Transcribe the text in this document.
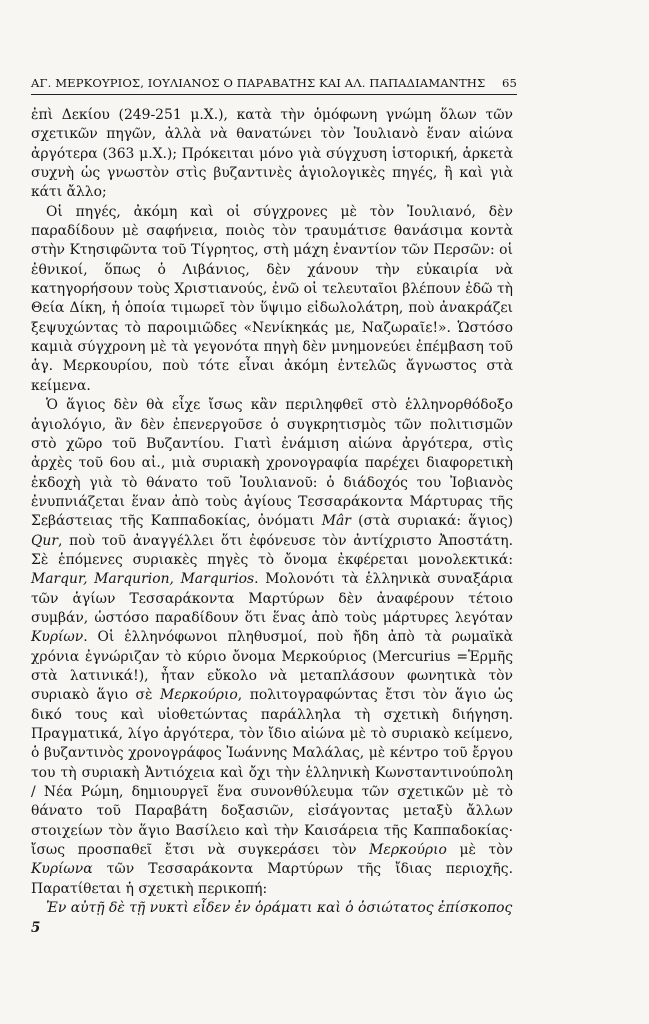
ΑΓ. ΜΕΡΚΟΥΡΙΟΣ, ΙΟΥΛΙΑΝΟΣ Ο ΠΑΡΑΒΑΤΗΣ ΚΑΙ ΑΛ. ΠΑΠΑΔΙΑΜΑΝΤΗΣ 65

ἐπὶ Δεκίου (249-251 μ.Χ.), κατὰ τὴν ὁμόφωνη γνώμη ὅλων τῶν σχετικῶν πηγῶν, ἀλλὰ νὰ θανατώνει τὸν Ἰουλιανὸ ἕναν αἰώνα ἀργότερα (363 μ.Χ.); Πρόκειται μόνο γιὰ σύγχυση ἱστορική, ἀρκετὰ συχνὴ ὡς γνωστὸν στὶς βυζαντινὲς ἁγιολογικὲς πηγές, ἢ καὶ γιὰ κάτι ἄλλο;

Οἱ πηγές, ἀκόμη καὶ οἱ σύγχρονες μὲ τὸν Ἰουλιανό, δὲν παραδίδουν μὲ σαφήνεια, ποιὸς τὸν τραυμάτισε θανάσιμα κοντὰ στὴν Κτησιφῶντα τοῦ Τίγρητος, στὴ μάχη ἐναντίον τῶν Περσῶν: οἱ ἐθνικοί, ὅπως ὁ Λιβάνιος, δὲν χάνουν τὴν εὐκαιρία νὰ κατηγορήσουν τοὺς Χριστιανούς, ἐνῶ οἱ τελευταῖοι βλέπουν ἐδῶ τὴ Θεία Δίκη, ἡ ὁποία τιμωρεῖ τὸν ὕψιμο εἰδωλολάτρη, ποὺ ἀνακράζει ξεψυχώντας τὸ παροιμιῶδες «Νενίκηκάς με, Ναζωραῖε!». Ὡστόσο καμιὰ σύγχρονη μὲ τὰ γεγονότα πηγὴ δὲν μνημονεύει ἐπέμβαση τοῦ ἁγ. Μερκουρίου, ποὺ τότε εἶναι ἀκόμη ἐντελῶς ἄγνωστος στὰ κείμενα.

Ὁ ἅγιος δὲν θὰ εἶχε ἴσως κἂν περιληφθεῖ στὸ ἑλληνορθόδοξο ἁγιολόγιο, ἂν δὲν ἐπενεργοῦσε ὁ συγκρητισμὸς τῶν πολιτισμῶν στὸ χῶρο τοῦ Βυζαντίου. Γιατὶ ἐνάμιση αἰώνα ἀργότερα, στὶς ἀρχὲς τοῦ 6ου αἰ., μιὰ συριακὴ χρονογραφία παρέχει διαφορετικὴ ἐκδοχὴ γιὰ τὸ θάνατο τοῦ Ἰουλιανοῦ: ὁ διάδοχός του Ἰοβιανὸς ἐνυπνιάζεται ἕναν ἀπὸ τοὺς ἁγίους Τεσσαράκοντα Μάρτυρας τῆς Σεβάστειας τῆς Καππαδοκίας, ὀνόματι Mâr (στὰ συριακά: ἅγιος) Qur, ποὺ τοῦ ἀναγγέλλει ὅτι ἐφόνευσε τὸν ἀντίχριστο Ἀποστάτη. Σὲ ἑπόμενες συριακὲς πηγὲς τὸ ὄνομα ἐκφέρεται μονολεκτικά: Marqur, Marqurion, Marqurios. Μολονότι τὰ ἑλληνικὰ συναξάρια τῶν ἁγίων Τεσσαράκοντα Μαρτύρων δὲν ἀναφέρουν τέτοιο συμβάν, ὡστόσο παραδίδουν ὅτι ἕνας ἀπὸ τοὺς μάρτυρες λεγόταν Κυρίων. Οἱ ἑλληνόφωνοι πληθυσμοί, ποὺ ἤδη ἀπὸ τὰ ρωμαϊκὰ χρόνια ἐγνώριζαν τὸ κύριο ὄνομα Μερκούριος (Mercurius =Ἑρμῆς στὰ λατινικά!), ἦταν εὔκολο νὰ μεταπλάσουν φωνητικὰ τὸν συριακὸ ἅγιο σὲ Μερκούριο, πολιτογραφώντας ἔτσι τὸν ἅγιο ὡς δικό τους καὶ υἱοθετώντας παράλληλα τὴ σχετικὴ διήγηση. Πραγματικά, λίγο ἀργότερα, τὸν ἴδιο αἰώνα μὲ τὸ συριακὸ κείμενο, ὁ βυζαντινὸς χρονογράφος Ἰωάννης Μαλάλας, μὲ κέντρο τοῦ ἔργου του τὴ συριακὴ Ἀντιόχεια καὶ ὄχι τὴν ἑλληνικὴ Κωνσταντινούπολη / Νέα Ρώμη, δημιουργεῖ ἕνα συνονθύλευμα τῶν σχετικῶν μὲ τὸ θάνατο τοῦ Παραβάτη δοξασιῶν, εἰσάγοντας μεταξὺ ἄλλων στοιχείων τὸν ἅγιο Βασίλειο καὶ τὴν Καισάρεια τῆς Καππαδοκίας· ἴσως προσπαθεῖ ἔτσι νὰ συγκεράσει τὸν Μερκούριο μὲ τὸν Κυρίωνα τῶν Τεσσαράκοντα Μαρτύρων τῆς ἴδιας περιοχῆς. Παρατίθεται ἡ σχετικὴ περικοπή:

Ἐν αὐτῇ δὲ τῇ νυκτὶ εἶδεν ἐν ὁράματι καὶ ὁ ὁσιώτατος ἐπίσκοπος

5
